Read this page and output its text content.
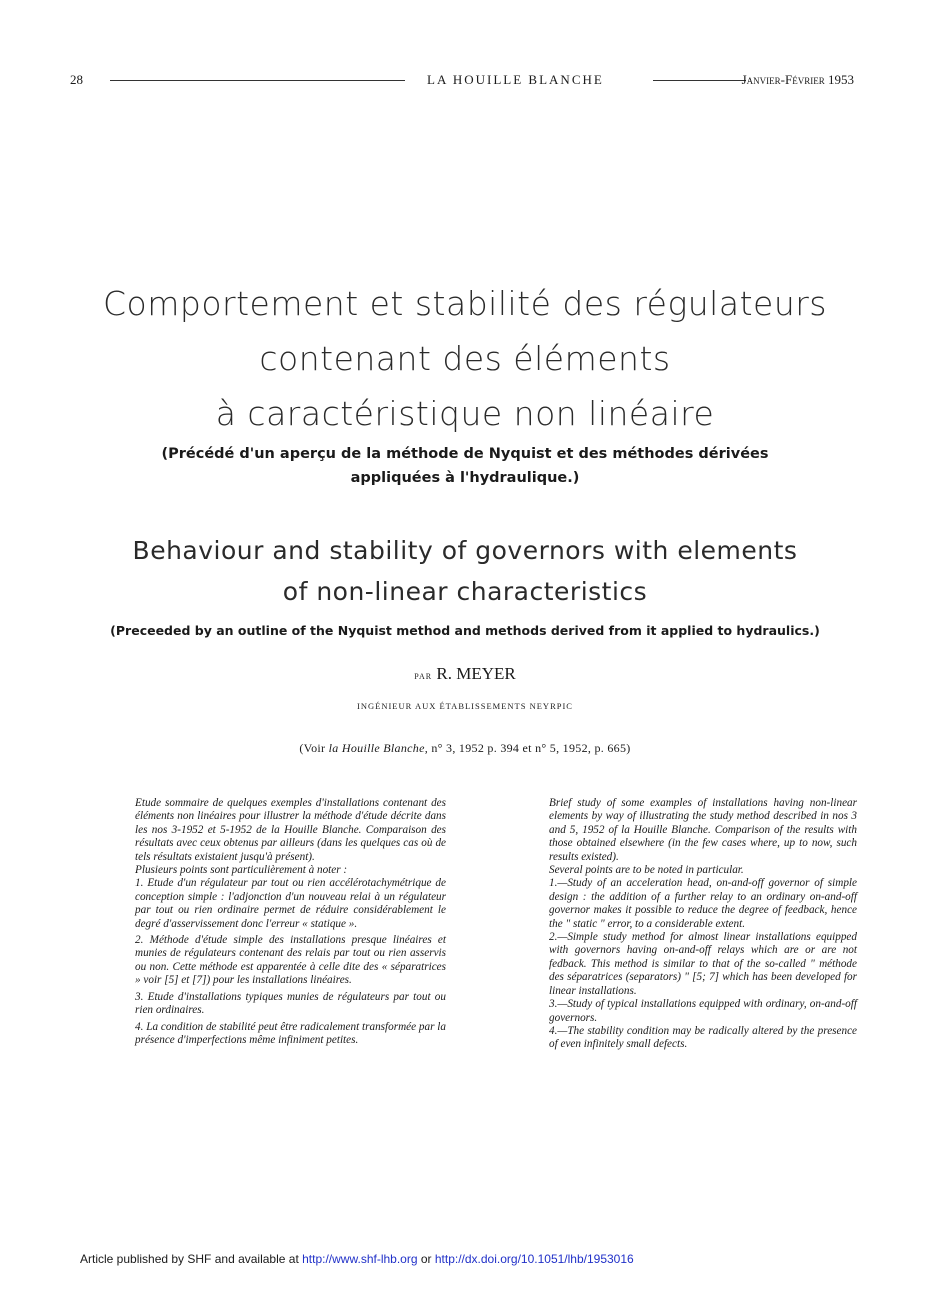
28	LA HOUILLE BLANCHE	Janvier-Février 1953
Comportement et stabilité des régulateurs
contenant des éléments
à caractéristique non linéaire
(Précédé d'un aperçu de la méthode de Nyquist et des méthodes dérivées
appliquées à l'hydraulique.)
Behaviour and stability of governors with elements
of non-linear characteristics
(Preceeded by an outline of the Nyquist method and methods derived from it applied to hydraulics.)
par R. MEYER
INGÉNIEUR AUX ÉTABLISSEMENTS NEYRPIC
(Voir la Houille Blanche, n° 3, 1952 p. 394 et n° 5, 1952, p. 665)

Etude sommaire de quelques exemples d'installations contenant des éléments non linéaires pour illustrer la méthode d'étude décrite dans les nos 3-1952 et 5-1952 de la Houille Blanche. Comparaison des résultats avec ceux obtenus par ailleurs (dans les quelques cas où de tels résultats existaient jusqu'à présent).

Plusieurs points sont particulièrement à noter :

1. Etude d'un régulateur par tout ou rien accélérotachymétrique de conception simple : l'adjonction d'un nouveau relai à un régulateur par tout ou rien ordinaire permet de réduire considérablement le degré d'asservissement donc l'erreur « statique ».

2. Méthode d'étude simple des installations presque linéaires et munies de régulateurs contenant des relais par tout ou rien asservis ou non. Cette méthode est apparentée à celle dite des « séparatrices » voir [5] et [7]) pour les installations linéaires.

3. Etude d'installations typiques munies de régulateurs par tout ou rien ordinaires.

4. La condition de stabilité peut être radicalement transformée par la présence d'imperfections même infiniment petites.

Brief study of some examples of installations having non-linear elements by way of illustrating the study method described in nos 3 and 5, 1952 of la Houille Blanche. Comparison of the results with those obtained elsewhere (in the few cases where, up to now, such results existed).

Several points are to be noted in particular.

1.—Study of an acceleration head, on-and-off governor of simple design : the addition of a further relay to an ordinary on-and-off governor makes it possible to reduce the degree of feedback, hence the " static " error, to a considerable extent.

2.—Simple study method for almost linear installations equipped with governors having on-and-off relays which are or are not fedback. This method is similar to that of the so-called " méthode des séparatrices (separators) " [5; 7] which has been developed for linear installations.

3.—Study of typical installations equipped with ordinary, on-and-off governors.

4.—The stability condition may be radically altered by the presence of even infinitely small defects.

Article published by SHF and available at http://www.shf-lhb.org or http://dx.doi.org/10.1051/lhb/1953016
